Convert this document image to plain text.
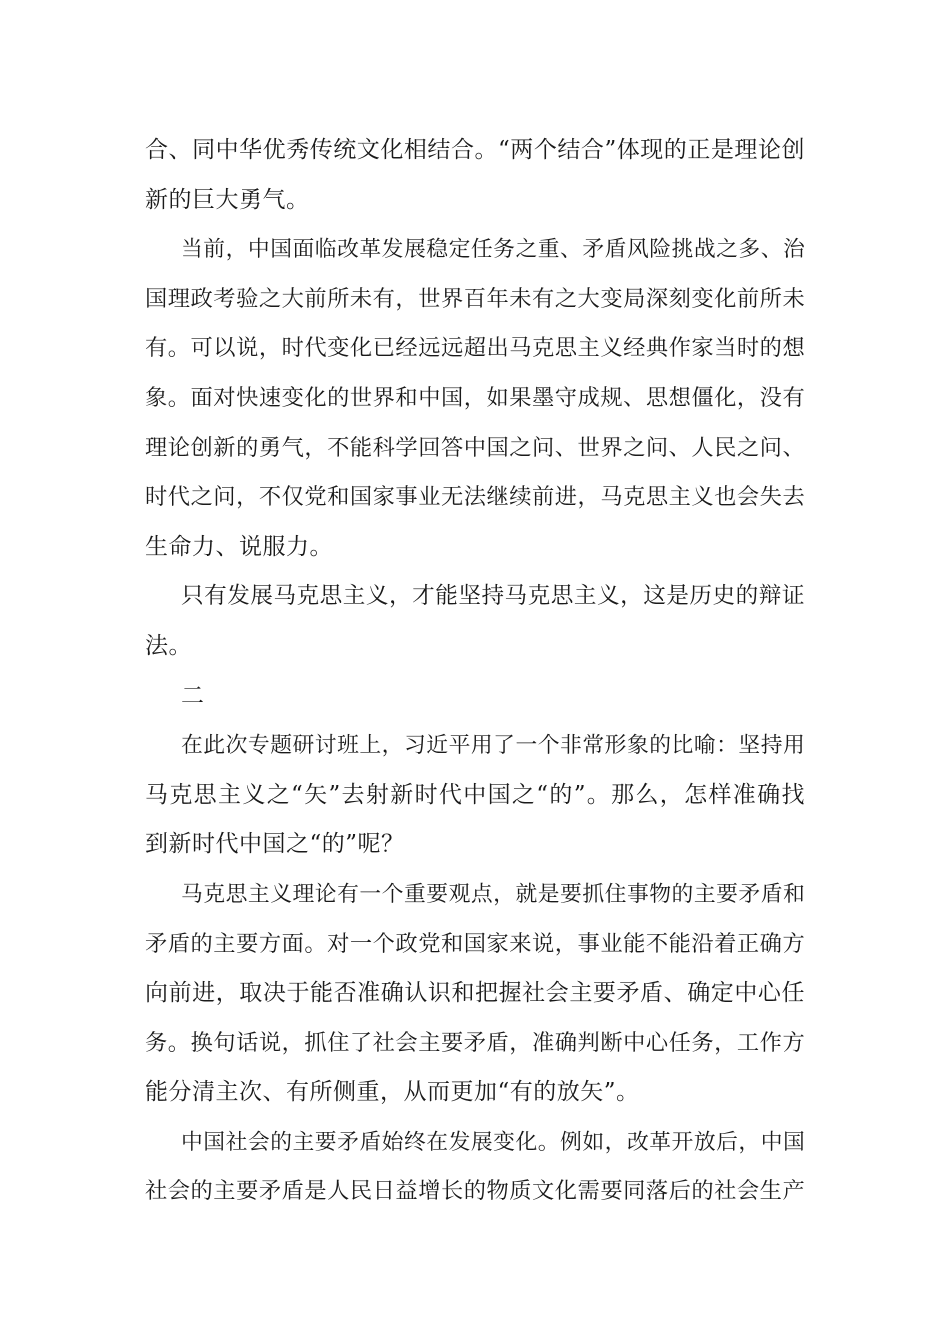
合、同中华优秀传统文化相结合。“两个结合”体现的正是理论创
新的巨大勇气。
当前，中国面临改革发展稳定任务之重、矛盾风险挑战之多、治
国理政考验之大前所未有，世界百年未有之大变局深刻变化前所未
有。可以说，时代变化已经远远超出马克思主义经典作家当时的想
象。面对快速变化的世界和中国，如果墨守成规、思想僵化，没有
理论创新的勇气，不能科学回答中国之问、世界之问、人民之问、
时代之问，不仅党和国家事业无法继续前进，马克思主义也会失去
生命力、说服力。
只有发展马克思主义，才能坚持马克思主义，这是历史的辩证
法。
二
在此次专题研讨班上，习近平用了一个非常形象的比喻：坚持用
马克思主义之“矢”去射新时代中国之“的”。那么，怎样准确找
到新时代中国之“的”呢？
马克思主义理论有一个重要观点，就是要抓住事物的主要矛盾和
矛盾的主要方面。对一个政党和国家来说，事业能不能沿着正确方
向前进，取决于能否准确认识和把握社会主要矛盾、确定中心任
务。换句话说，抓住了社会主要矛盾，准确判断中心任务，工作方
能分清主次、有所侧重，从而更加“有的放矢”。
中国社会的主要矛盾始终在发展变化。例如，改革开放后，中国
社会的主要矛盾是人民日益增长的物质文化需要同落后的社会生产
